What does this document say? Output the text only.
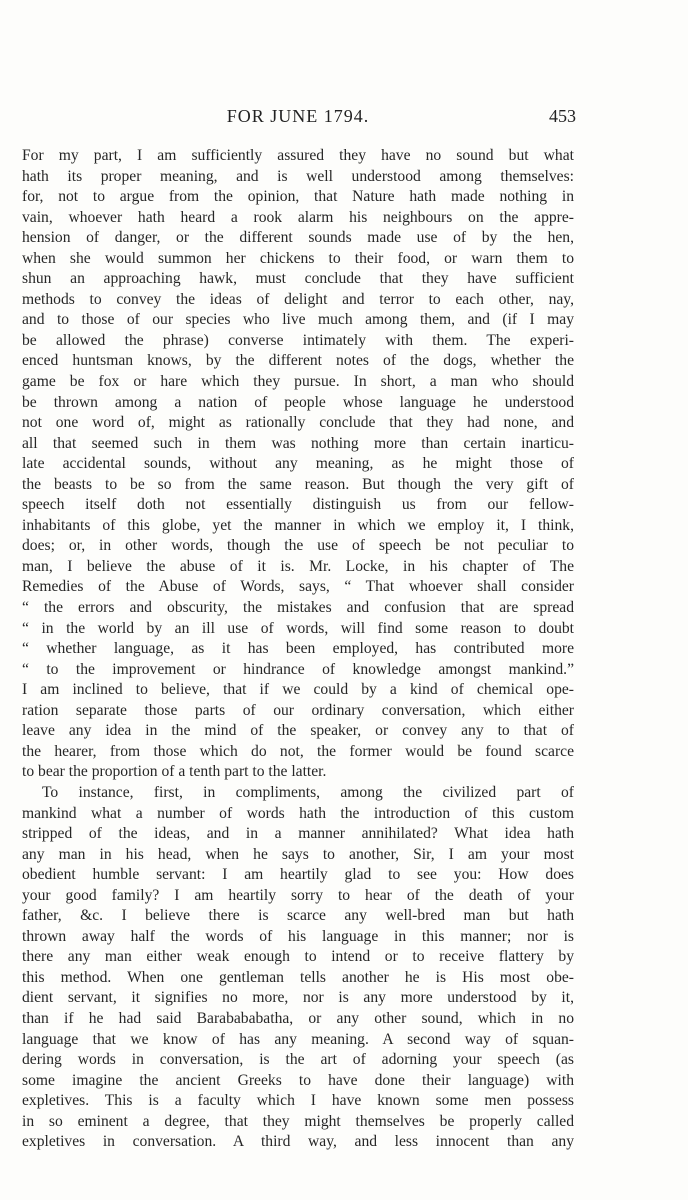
FOR JUNE 1794.	453
For my part, I am sufficiently assured they have no sound but what
hath its proper meaning, and is well understood among themselves:
for, not to argue from the opinion, that Nature hath made nothing in
vain, whoever hath heard a rook alarm his neighbours on the appre-
hension of danger, or the different sounds made use of by the hen,
when she would summon her chickens to their food, or warn them to
shun an approaching hawk, must conclude that they have sufficient
methods to convey the ideas of delight and terror to each other, nay,
and to those of our species who live much among them, and (if I may
be allowed the phrase) converse intimately with them. The experi-
enced huntsman knows, by the different notes of the dogs, whether the
game be fox or hare which they pursue. In short, a man who should
be thrown among a nation of people whose language he understood
not one word of, might as rationally conclude that they had none, and
all that seemed such in them was nothing more than certain inarticu-
late accidental sounds, without any meaning, as he might those of
the beasts to be so from the same reason. But though the very gift of
speech itself doth not essentially distinguish us from our fellow-
inhabitants of this globe, yet the manner in which we employ it, I think,
does; or, in other words, though the use of speech be not peculiar to
man, I believe the abuse of it is. Mr. Locke, in his chapter of The
Remedies of the Abuse of Words, says, “ That whoever shall consider
“ the errors and obscurity, the mistakes and confusion that are spread
“ in the world by an ill use of words, will find some reason to doubt
“ whether language, as it has been employed, has contributed more
“ to the improvement or hindrance of knowledge amongst mankind.”
I am inclined to believe, that if we could by a kind of chemical ope-
ration separate those parts of our ordinary conversation, which either
leave any idea in the mind of the speaker, or convey any to that of
the hearer, from those which do not, the former would be found scarce
to bear the proportion of a tenth part to the latter.
To instance, first, in compliments, among the civilized part of
mankind what a number of words hath the introduction of this custom
stripped of the ideas, and in a manner annihilated? What idea hath
any man in his head, when he says to another, Sir, I am your most
obedient humble servant: I am heartily glad to see you: How does
your good family? I am heartily sorry to hear of the death of your
father, &c. I believe there is scarce any well-bred man but hath
thrown away half the words of his language in this manner; nor is
there any man either weak enough to intend or to receive flattery by
this method. When one gentleman tells another he is His most obe-
dient servant, it signifies no more, nor is any more understood by it,
than if he had said Barabababatha, or any other sound, which in no
language that we know of has any meaning. A second way of squan-
dering words in conversation, is the art of adorning your speech (as
some imagine the ancient Greeks to have done their language) with
expletives. This is a faculty which I have known some men possess
in so eminent a degree, that they might themselves be properly called
expletives in conversation. A third way, and less innocent than any
